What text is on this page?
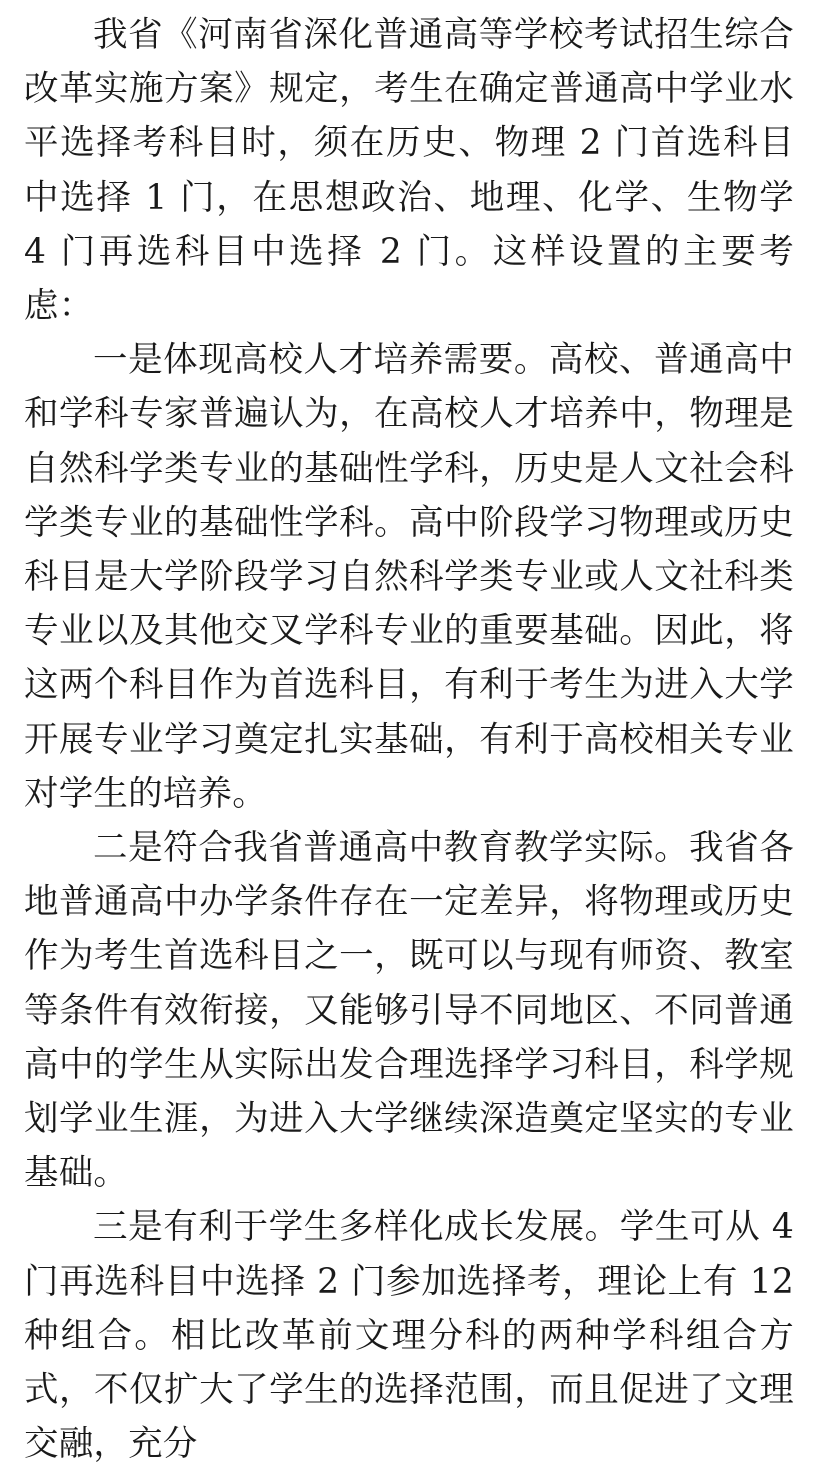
我省《河南省深化普通高等学校考试招生综合改革实施方案》规定，考生在确定普通高中学业水平选择考科目时，须在历史、物理 2 门首选科目中选择 1 门，在思想政治、地理、化学、生物学 4 门再选科目中选择 2 门。这样设置的主要考虑：

一是体现高校人才培养需要。高校、普通高中和学科专家普遍认为，在高校人才培养中，物理是自然科学类专业的基础性学科，历史是人文社会科学类专业的基础性学科。高中阶段学习物理或历史科目是大学阶段学习自然科学类专业或人文社科类专业以及其他交叉学科专业的重要基础。因此，将这两个科目作为首选科目，有利于考生为进入大学开展专业学习奠定扎实基础，有利于高校相关专业对学生的培养。

二是符合我省普通高中教育教学实际。我省各地普通高中办学条件存在一定差异，将物理或历史作为考生首选科目之一，既可以与现有师资、教室等条件有效衔接，又能够引导不同地区、不同普通高中的学生从实际出发合理选择学习科目，科学规划学业生涯，为进入大学继续深造奠定坚实的专业基础。

三是有利于学生多样化成长发展。学生可从 4 门再选科目中选择 2 门参加选择考，理论上有 12 种组合。相比改革前文理分科的两种学科组合方式，不仅扩大了学生的选择范围，而且促进了文理交融，充分
